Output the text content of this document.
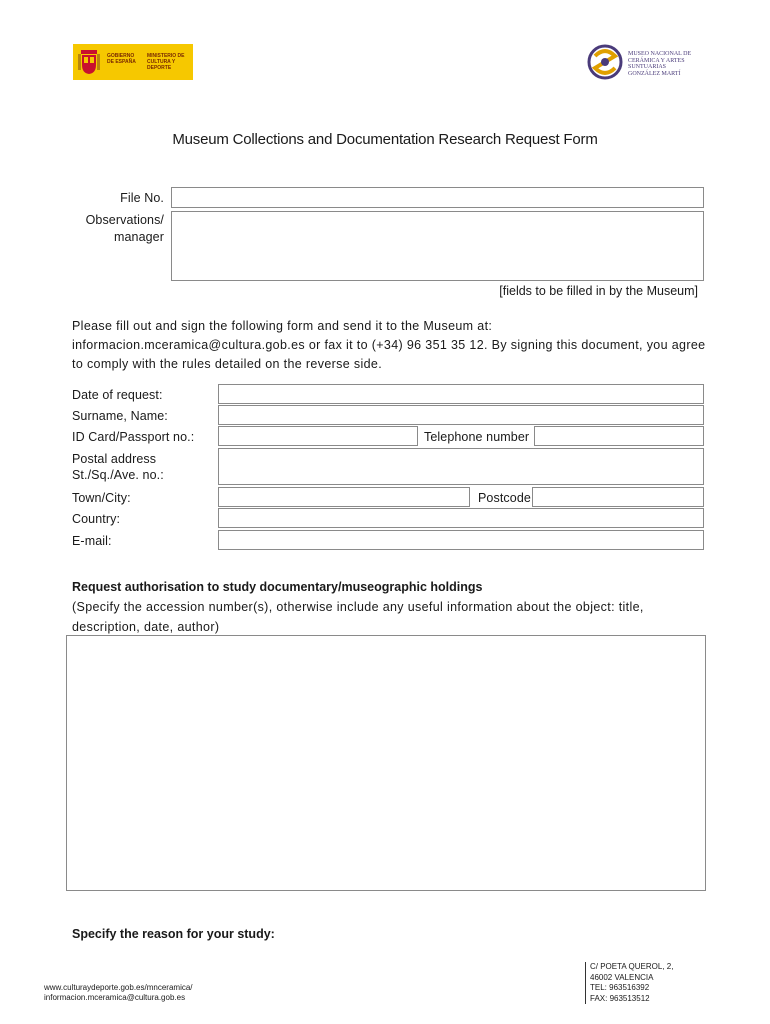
GOBIERNO DE ESPAÑA
MINISTERIO DE CULTURA Y DEPORTE
MUSEO NACIONAL DE CERÁMICA Y ARTES SUNTUARIAS GONZÁLEZ MARTÍ
Museum Collections and Documentation Research Request Form
File No.
Observations/
manager
[fields to be filled in by the Museum]
Please fill out and sign the following form and send it to the Museum at: informacion.mceramica@cultura.gob.es or fax it to (+34) 96 351 35 12. By signing this document, you agree to comply with the rules detailed on the reverse side.
Date of request:
Surname, Name:
ID Card/Passport no.:	Telephone number
Postal address
St./Sq./Ave. no.:
Town/City:	Postcode
Country:
E-mail:
Request authorisation to study documentary/museographic holdings
(Specify the accession number(s), otherwise include any useful information about the object: title, description, date, author)
Specify the reason for your study:
www.culturaydeporte.gob.es/mnceramica/
informacion.mceramica@cultura.gob.es
C/ POETA QUEROL, 2,
46002 VALENCIA
TEL: 963516392
FAX: 963513512
